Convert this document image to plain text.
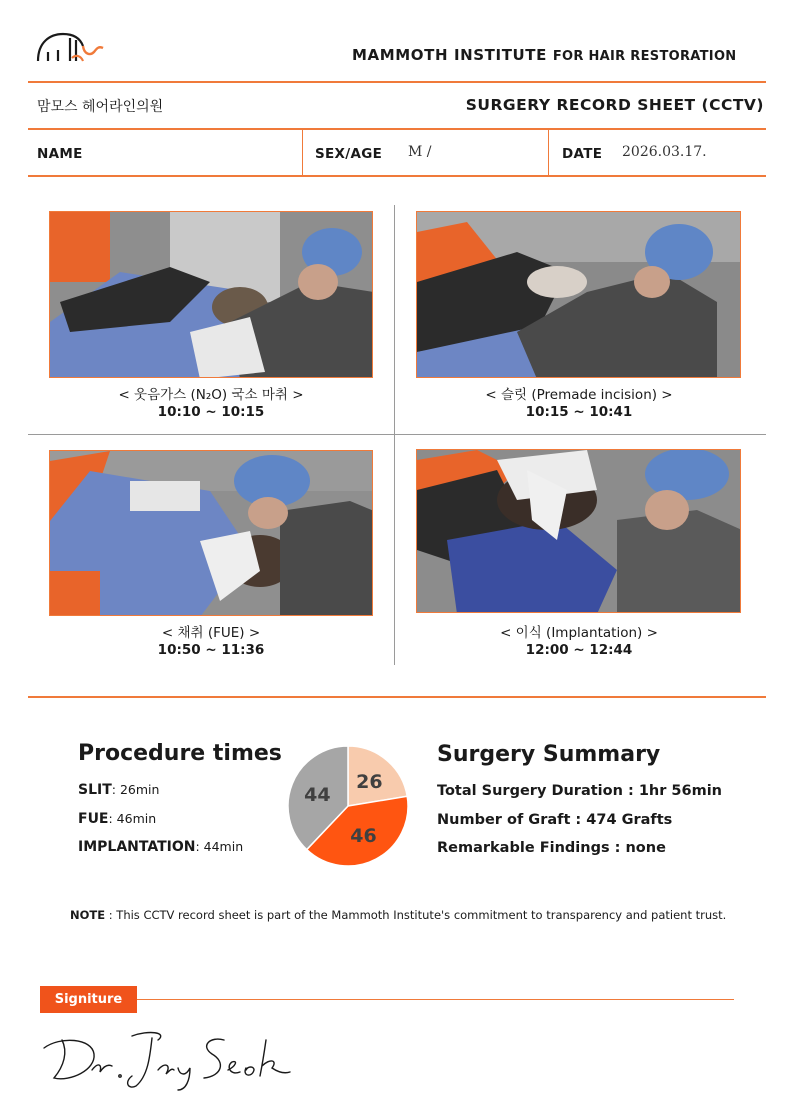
MAMMOTH INSTITUTE FOR HAIR RESTORATION
맘모스 헤어라인의원	SURGERY RECORD SHEET (CCTV)
NAME	SEX/AGE M /	DATE 2026.03.17.
< 웃음가스 (N₂O) 국소 마취 >
10:10 ~ 10:15
< 슬릿 (Premade incision) >
10:15 ~ 10:41
< 채취 (FUE) >
10:50 ~ 11:36
< 이식 (Implantation) >
12:00 ~ 12:44
Procedure times
SLIT: 26min
FUE: 46min
IMPLANTATION: 44min
26
46
44
Surgery Summary
Total Surgery Duration : 1hr 56min
Number of Graft : 474 Grafts
Remarkable Findings : none
NOTE : This CCTV record sheet is part of the Mammoth Institute's commitment to transparency and patient trust.
Signiture
